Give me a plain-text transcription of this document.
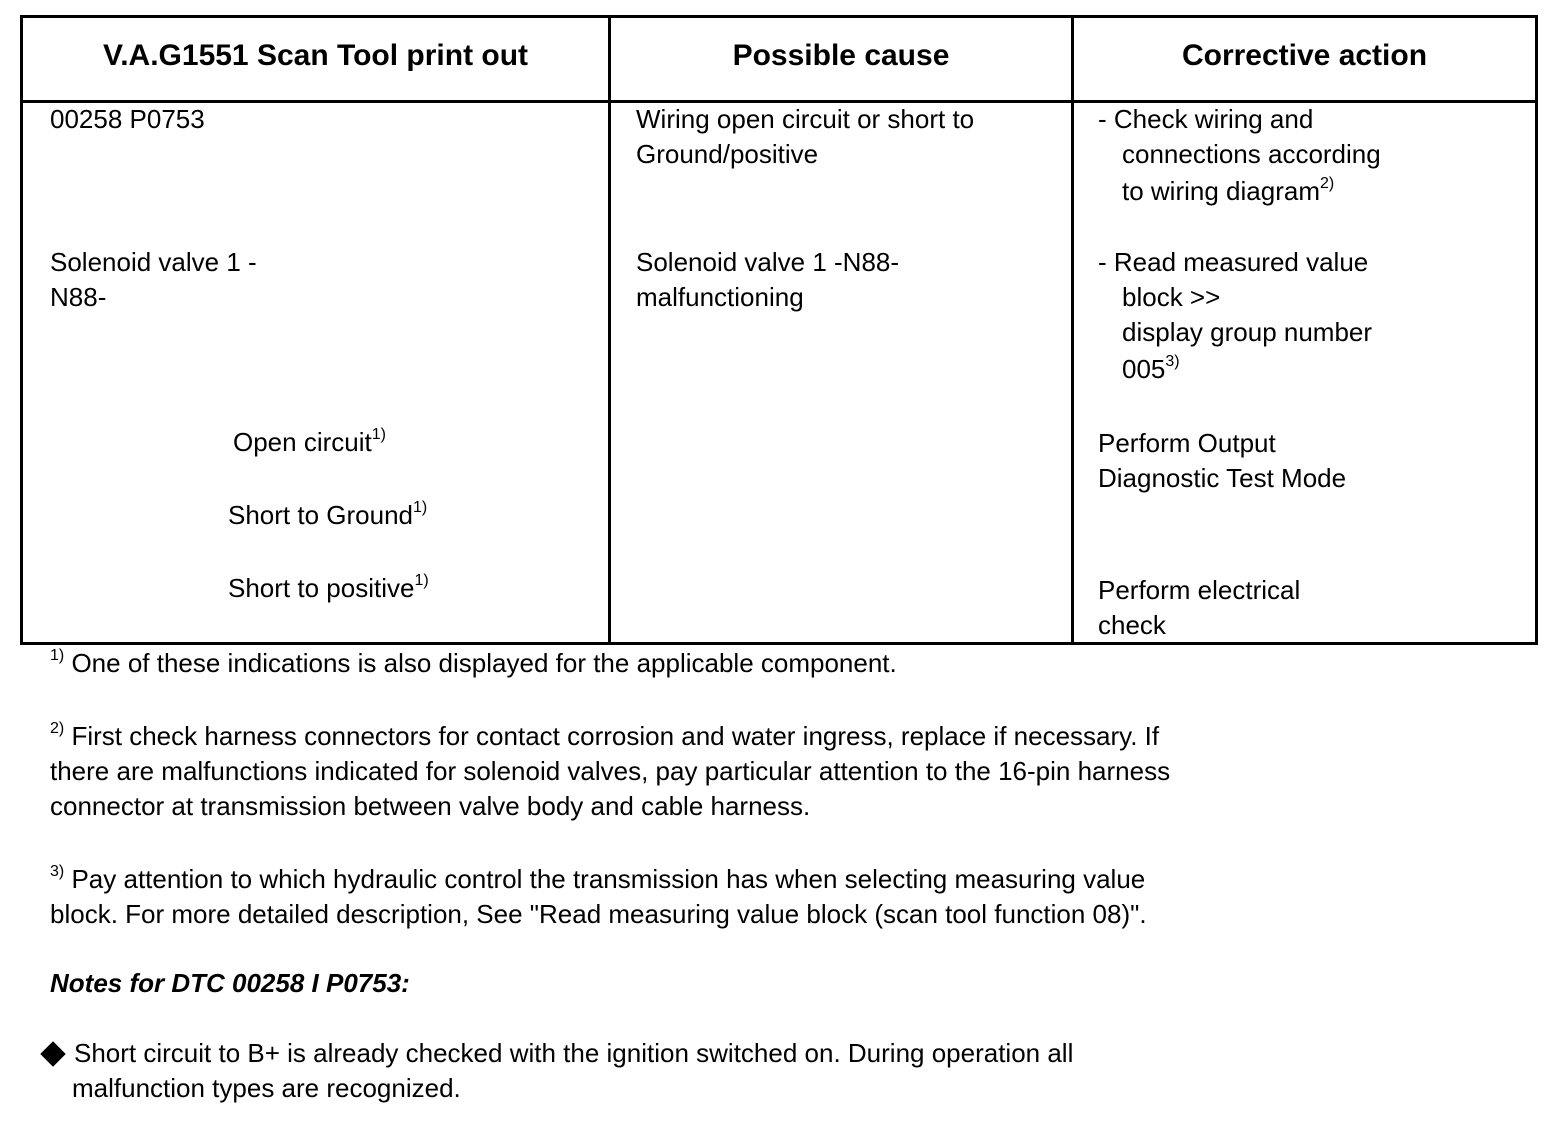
V.A.G1551 Scan Tool print out	Possible cause	Corrective action
00258 P0753
Solenoid valve 1 -
N88-
Open circuit$^{1)}$
Short to Ground$^{1)}$
Short to positive$^{1)}$
Wiring open circuit or short to
Ground/positive
Solenoid valve 1 -N88-
malfunctioning
- Check wiring and
connections according
to wiring diagram$^{2)}$
- Read measured value
block >>
display group number
005$^{3)}$
Perform Output
Diagnostic Test Mode
Perform electrical
check
$^{1)}$ One of these indications is also displayed for the applicable component.
$^{2)}$ First check harness connectors for contact corrosion and water ingress, replace if necessary. If
there are malfunctions indicated for solenoid valves, pay particular attention to the 16-pin harness
connector at transmission between valve body and cable harness.
$^{3)}$ Pay attention to which hydraulic control the transmission has when selecting measuring value
block. For more detailed description, See "Read measuring value block (scan tool function 08)".
Notes for DTC 00258 I P0753:
Short circuit to B+ is already checked with the ignition switched on. During operation all
malfunction types are recognized.
